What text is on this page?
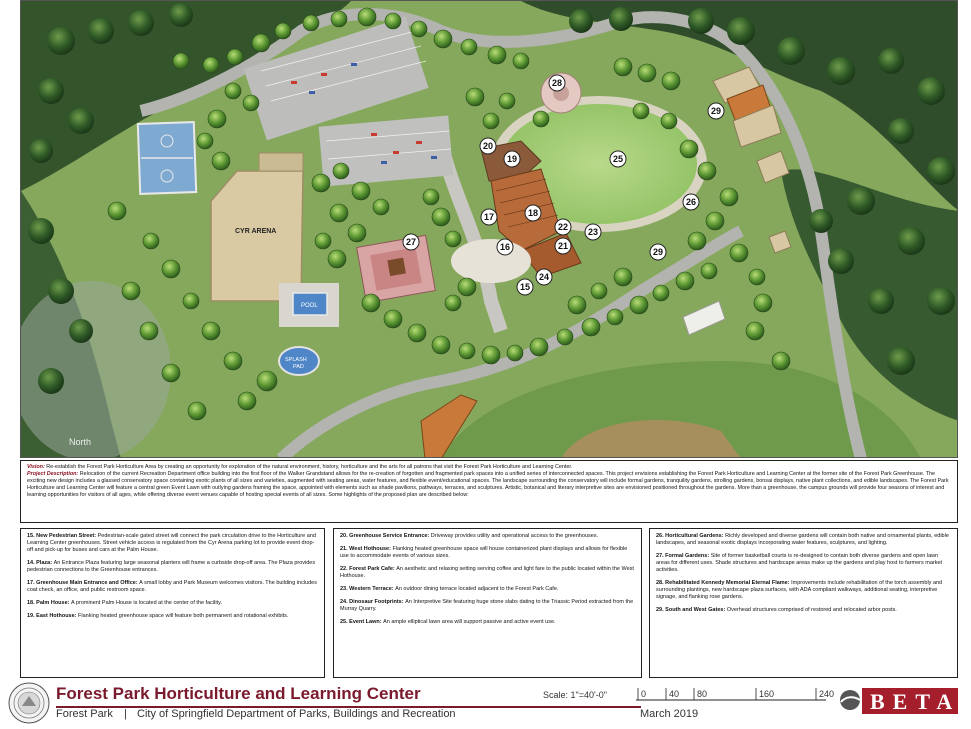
CYR ARENA
POOL
SPLASH
PAD
North
15
16
17	18
19
20
21
22 23
24
25
26
27
28
29
29
Vision: Re-establish the Forest Park Horticulture Area by creating an opportunity for exploration of the natural environment, history, horticulture and the arts for all patrons that visit the Forest Park Horticulture and Learning Center.
Project Description: Relocation of the current Recreation Department office building into the first floor of the Walker Grandstand allows for the re-creation of forgotten and fragmented park spaces into a unified series of interconnected spaces. This project envisions establishing the Forest Park Horticulture and Learning Center at the former site of the Forest Park Greenhouse. The exciting new design includes a glassed conservatory space containing exotic plants of all sizes and varieties, augmented with seating areas, water features, and flexible event/educational spaces. The landscape surrounding the conservatory will include formal gardens, tranquility gardens, strolling gardens, bonsai displays, native plant collections, and edible landscapes. The Forest Park Horticulture and Learning Center will feature a central green Event Lawn with outlying gardens framing the space, appointed with elements such as shade pavilions, pathways, terraces, and sculptures. Artistic, botanical and literary interpretive sites are envisioned positioned throughout the gardens. More than a greenhouse, the campus grounds will provide four seasons of interest and learning opportunities for visitors of all ages, while offering diverse event venues capable of hosting special events of all sizes. Some highlights of the proposed plan are described below:
15. New Pedestrian Street: Pedestrian-scale gated street will connect the park circulation drive to the Horticulture and Learning Center greenhouses. Street vehicle access is regulated from the Cyr Arena parking lot to provide event drop-off and pick-up for buses and cars at the Palm House.
14. Plaza: An Entrance Plaza featuring large seasonal planters will frame a curbside drop-off area. The Plaza provides pedestrian connections to the Greenhouse entrances.
17. Greenhouse Main Entrance and Office: A small lobby and Park Museum welcomes visitors. The building includes coat check, an office, and public restroom space.
18. Palm House: A prominent Palm House is located at the center of the facility.
19. East Hothouse: Flanking heated greenhouse space will feature both permanent and rotational exhibits.
20. Greenhouse Service Entrance: Driveway provides utility and operational access to the greenhouses.
21. West Hothouse: Flanking heated greenhouse space will house containerized plant displays and allows for flexible use to accommodate events of various sizes.
22. Forest Park Cafe: An aesthetic and relaxing setting serving coffee and light fare to the public located within the West Hothouse.
23. Western Terrace: An outdoor dining terrace located adjacent to the Forest Park Cafe.
24. Dinosaur Footprints: An Interpretive Site featuring huge stone slabs dating to the Triassic Period extracted from the Murray Quarry.
25. Event Lawn: An ample elliptical lawn area will support passive and active event use.
26. Horticultural Gardens: Richly developed and diverse gardens will contain both native and ornamental plants, edible landscapes, and seasonal exotic displays incorporating water features, sculptures, and lighting.
27. Formal Gardens: Site of former basketball courts is re-designed to contain both diverse gardens and open lawn areas for different uses. Shade structures and hardscape areas make up the gardens and play host to farmers market activities.
28. Rehabilitated Kennedy Memorial Eternal Flame: Improvements include rehabilitation of the torch assembly and surrounding plantings, new hardscape plaza surfaces, with ADA compliant walkways, additional seating, interpretive signage, and flanking rose gardens.
29. South and West Gates: Overhead structures comprised of restored and relocated arbor posts.
Forest Park Horticulture and Learning Center
Forest Park | City of Springfield Department of Parks, Buildings and Recreation	March 2019
Scale: 1"=40'-0"	0	40 80	160	240 BETA
